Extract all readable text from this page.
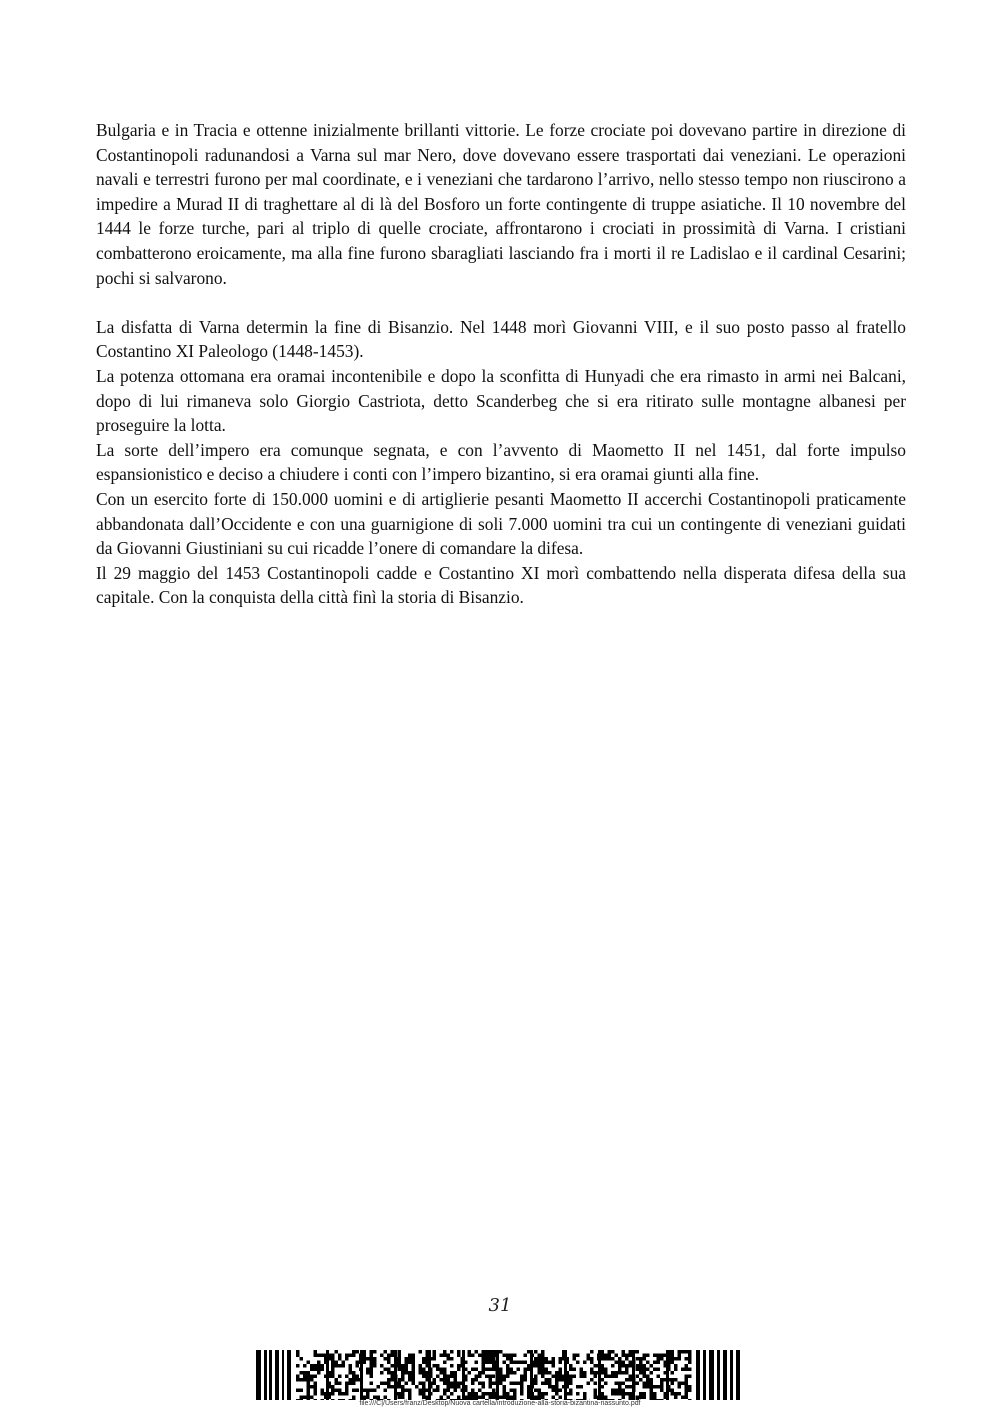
Bulgaria e in Tracia e ottenne inizialmente brillanti vittorie. Le forze crociate poi dovevano partire in direzione di Costantinopoli radunandosi a Varna sul mar Nero, dove dovevano essere trasportati dai veneziani. Le operazioni navali e terrestri furono per mal coordinate, e i veneziani che tardarono l’arrivo, nello stesso tempo non riuscirono a impedire a Murad II di traghettare al di là del Bosforo un forte contingente di truppe asiatiche. Il 10 novembre del 1444 le forze turche, pari al triplo di quelle crociate, affrontarono i crociati in prossimità di Varna. I cristiani combatterono eroicamente, ma alla fine furono sbaragliati lasciando fra i morti il re Ladislao e il cardinal Cesarini; pochi si salvarono.

La disfatta di Varna determin la fine di Bisanzio. Nel 1448 morì Giovanni VIII, e il suo posto passo al fratello Costantino XI Paleologo (1448-1453).

La potenza ottomana era oramai incontenibile e dopo la sconfitta di Hunyadi che era rimasto in armi nei Balcani, dopo di lui rimaneva solo Giorgio Castriota, detto Scanderbeg che si era ritirato sulle montagne albanesi per proseguire la lotta.

La sorte dell’impero era comunque segnata, e con l’avvento di Maometto II nel 1451, dal forte impulso espansionistico e deciso a chiudere i conti con l’impero bizantino, si era oramai giunti alla fine.

Con un esercito forte di 150.000 uomini e di artiglierie pesanti Maometto II accerchi Costantinopoli praticamente abbandonata dall’Occidente e con una guarnigione di soli 7.000 uomini tra cui un contingente di veneziani guidati da Giovanni Giustiniani su cui ricadde l’onere di comandare la difesa.

Il 29 maggio del 1453 Costantinopoli cadde e Costantino XI morì combattendo nella disperata difesa della sua capitale. Con la conquista della città finì la storia di Bisanzio.

31
file:///C|/Users/franz/Desktop/Nuova cartella/introduzione-alla-storia-bizantina-riassunto.pdf
